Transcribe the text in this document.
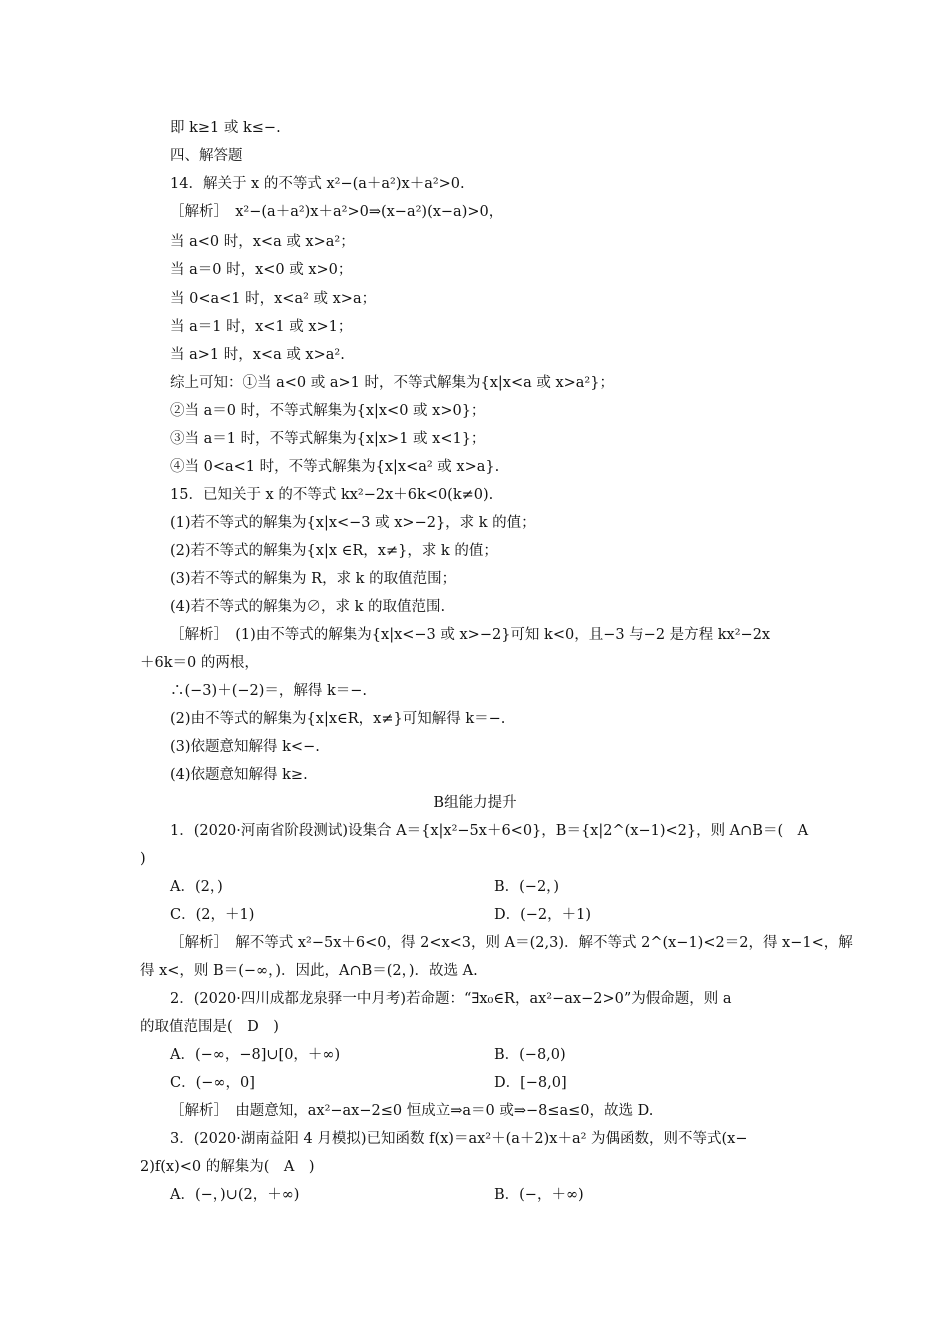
即 k≥1 或 k≤−.
四、解答题
14．解关于 x 的不等式 x²−(a＋a²)x＋a²>0.
［解析］　x²−(a＋a²)x＋a²>0⇒(x−a²)(x−a)>0，
当 a<0 时，x<a 或 x>a²；
当 a＝0 时，x<0 或 x>0；
当 0<a<1 时，x<a² 或 x>a；
当 a＝1 时，x<1 或 x>1；
当 a>1 时，x<a 或 x>a².
综上可知：①当 a<0 或 a>1 时，不等式解集为{x|x<a 或 x>a²}；
②当 a＝0 时，不等式解集为{x|x<0 或 x>0}；
③当 a＝1 时，不等式解集为{x|x>1 或 x<1}；
④当 0<a<1 时，不等式解集为{x|x<a² 或 x>a}.
15．已知关于 x 的不等式 kx²−2x＋6k<0(k≠0).
(1)若不等式的解集为{x|x<−3 或 x>−2}，求 k 的值；
(2)若不等式的解集为{x|x ∈R，x≠}，求 k 的值；
(3)若不等式的解集为 R，求 k 的取值范围；
(4)若不等式的解集为∅，求 k 的取值范围.
［解析］　(1)由不等式的解集为{x|x<−3 或 x>−2}可知 k<0，且−3 与−2 是方程 kx²−2x
＋6k＝0 的两根，
∴(−3)＋(−2)＝，解得 k＝−.
(2)由不等式的解集为{x|x∈R，x≠}可知解得 k＝−.
(3)依题意知解得 k<−.
(4)依题意知解得 k≥.
B组能力提升
1．(2020·河南省阶段测试)设集合 A＝{x|x²−5x＋6<0}，B＝{x|2^(x−1)<2}，则 A∩B＝(　A
)
A．(2，)	B．(−2，)
C．(2，＋1)	D．(−2，＋1)
［解析］　解不等式 x²−5x＋6<0，得 2<x<3，则 A＝(2,3)．解不等式 2^(x−1)<2＝2，得 x−1<，解
得 x<，则 B＝(−∞，)．因此，A∩B＝(2，)．故选 A.
2．(2020·四川成都龙泉驿一中月考)若命题：“∃x₀∈R，ax²−ax−2>0”为假命题，则 a
的取值范围是(　D　)
A．(−∞，−8]∪[0，＋∞)	B．(−8,0)
C．(−∞，0]	D．[−8,0]
［解析］　由题意知，ax²−ax−2≤0 恒成立⇒a＝0 或⇒−8≤a≤0，故选 D.
3．(2020·湖南益阳 4 月模拟)已知函数 f(x)＝ax²＋(a＋2)x＋a² 为偶函数，则不等式(x−
2)f(x)<0 的解集为(　A　)
A．(−，)∪(2，＋∞)	B．(−，＋∞)
